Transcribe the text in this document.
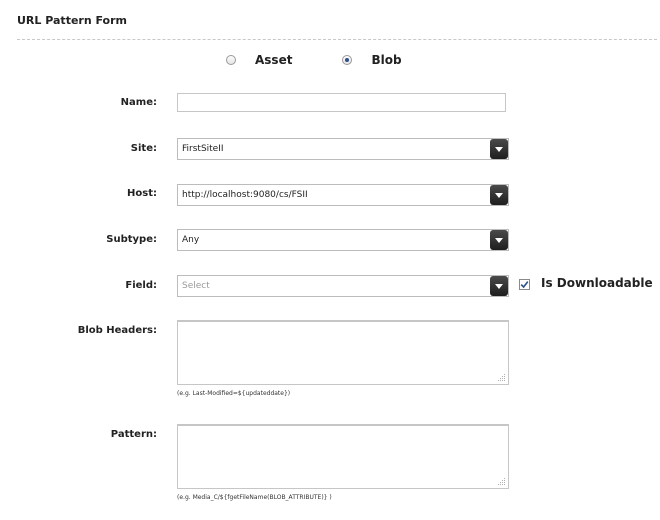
URL Pattern Form
Asset	Blob
Name:
Site:	FirstSiteII
Host:	http://localhost:9080/cs/FSII
Subtype:	Any
Field:	Select	Is Downloadable
Blob Headers:
(e.g. Last-Modified=${updateddate})
Pattern:
(e.g. Media_C/${fgetFileName(BLOB_ATTRIBUTE)} )
